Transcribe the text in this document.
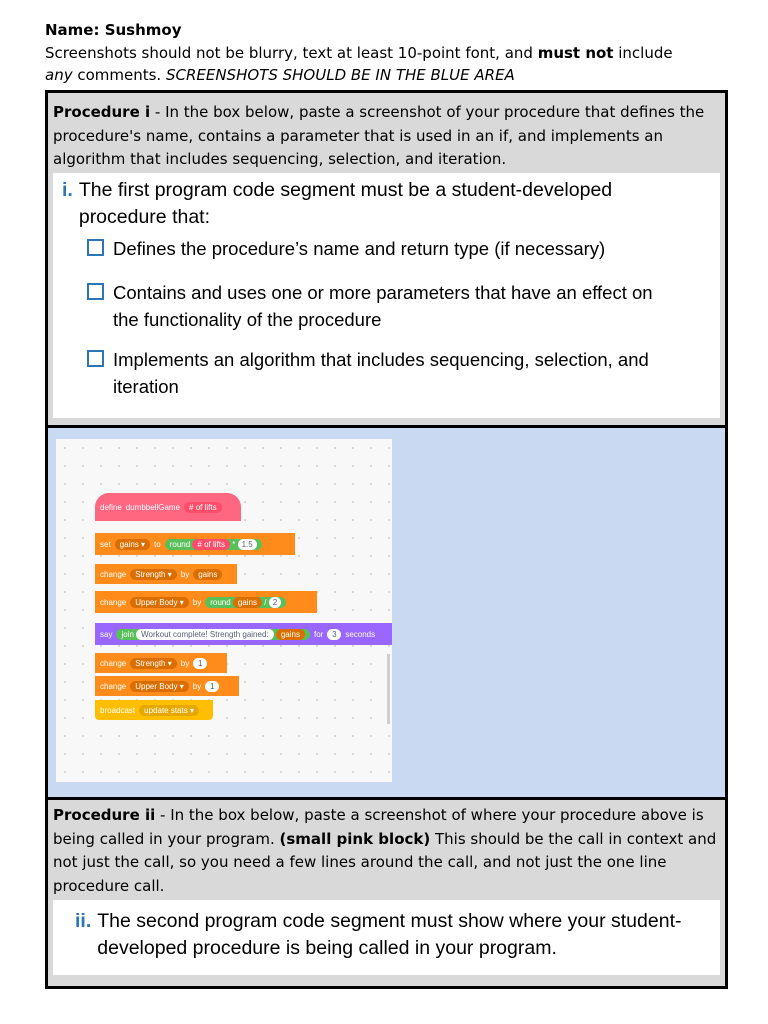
Name: Sushmoy
Screenshots should not be blurry, text at least 10-point font, and must not include
any comments. SCREENSHOTS SHOULD BE IN THE BLUE AREA
Procedure i - In the box below, paste a screenshot of your procedure that defines the procedure's name, contains a parameter that is used in an if, and implements an algorithm that includes sequencing, selection, and iteration.
i. The first program code segment must be a student-developed procedure that:
Defines the procedure’s name and return type (if necessary)
Contains and uses one or more parameters that have an effect on
the functionality of the procedure
Implements an algorithm that includes sequencing, selection, and
iteration
define dumbbellGame	# of lifts
set	gains ▾	to	round # of lifts * 1.5
change	Strength ▾	by	gains
change	Upper Body ▾	by	round gains / 2
say	join Workout complete! Strength gained: gains	for	3	seconds
change	Strength ▾	by	1
change	Upper Body ▾	by	1
broadcast	update stats ▾
Procedure ii - In the box below, paste a screenshot of where your procedure above is being called in your program. (small pink block) This should be the call in context and not just the call, so you need a few lines around the call, and not just the one line procedure call.
ii. The second program code segment must show where your student-developed procedure is being called in your program.
